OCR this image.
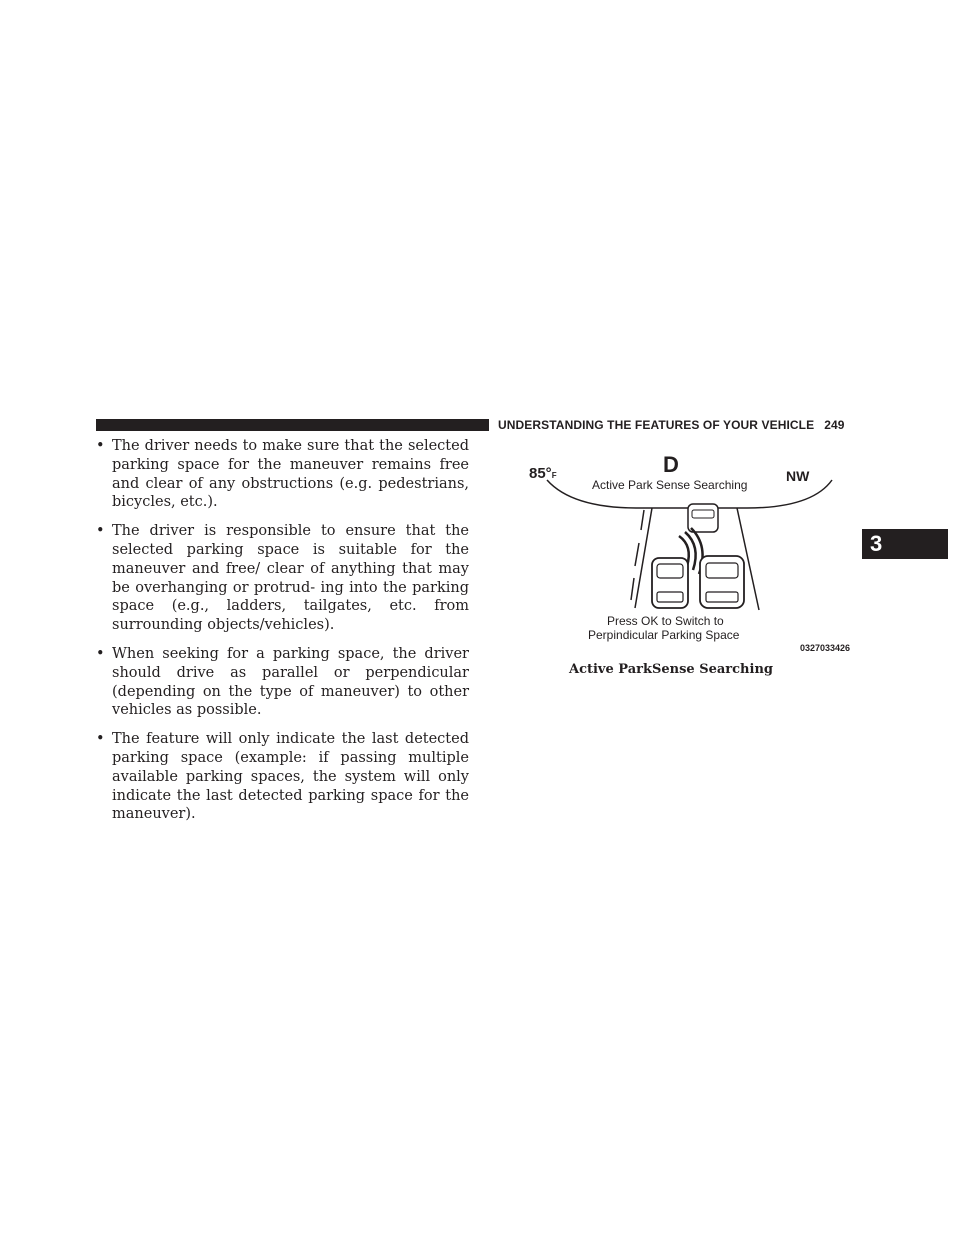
UNDERSTANDING THE FEATURES OF YOUR VEHICLE 249
3

• The driver needs to make sure that the selected parking space for the maneuver remains free and clear of any obstructions (e.g. pedestrians, bicycles, etc.).

• The driver is responsible to ensure that the selected parking space is suitable for the maneuver and free/ clear of anything that may be overhanging or protrud- ing into the parking space (e.g., ladders, tailgates, etc. from surrounding objects/vehicles).

• When seeking for a parking space, the driver should drive as parallel or perpendicular (depending on the type of maneuver) to other vehicles as possible.

• The feature will only indicate the last detected parking space (example: if passing multiple available parking spaces, the system will only indicate the last detected parking space for the maneuver).

85°F	D
Active Park Sense Searching
NW
Press OK to Switch to
Perpindicular Parking Space
0327033426
Active ParkSense Searching
